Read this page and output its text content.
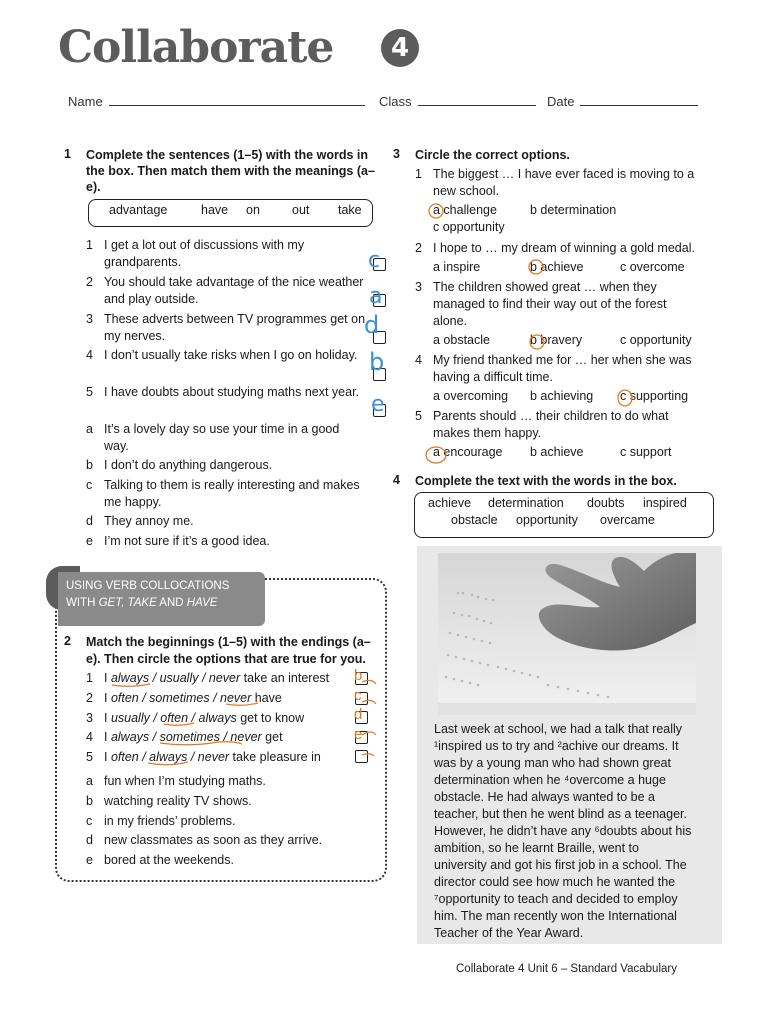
Collaborate	4
Name	Class	Date
1 Complete the sentences (1–5) with the words in the box. Then match them with the meanings (a–e).
advantage	have on	out take
1 I get a lot out of discussions with my grandparents.
2 You should take advantage of the nice weather and play outside.
3 These adverts between TV programmes get on my nerves.
4 I don’t usually take risks when I go on holiday.
5 I have doubts about studying maths next year.
c
a
d
b
e
a It’s a lovely day so use your time in a good way.
b I don’t do anything dangerous.
c Talking to them is really interesting and makes me happy.
d They annoy me.
e I’m not sure if it’s a good idea.
USING VERB COLLOCATIONS
WITH GET, TAKE AND HAVE
2 Match the beginnings (1–5) with the endings (a–e). Then circle the options that are true for you.
1 I always / usually / never take an interest
2 I often / sometimes / never have
3 I usually / often / always get to know
4 I always / sometimes / never get
5 I often / always / never take pleasure in
b
c
d
e
a fun when I’m studying maths.
b watching reality TV shows.
c in my friends’ problems.
d new classmates as soon as they arrive.
e bored at the weekends.
3 Circle the correct options.
1 The biggest … I have ever faced is moving to a new school.
a challenge	b determination
c opportunity
2 I hope to … my dream of winning a gold medal.
a inspire	b achieve	c overcome
3 The children showed great … when they managed to find their way out of the forest alone.
a obstacle	b bravery	c opportunity
4 My friend thanked me for … her when she was having a difficult time.
a overcoming b achieving c supporting
5 Parents should … their children to do what makes them happy.
a encourage b achieve	c support
4 Complete the text with the words in the box.
achieve determination doubts inspired
obstacle opportunity overcame
Last week at school, we had a talk that really
¹inspired us to try and ²achive our dreams. It
was by a young man who had shown great
determination when he ⁴overcome a huge
obstacle. He had always wanted to be a
teacher, but then he went blind as a teenager.
However, he didn’t have any ⁶doubts about his
ambition, so he learnt Braille, went to
university and got his first job in a school. The
director could see how much he wanted the
⁷opportunity to teach and decided to employ
him. The man recently won the International
Teacher of the Year Award.
Collaborate 4 Unit 6 – Standard Vacabulary
